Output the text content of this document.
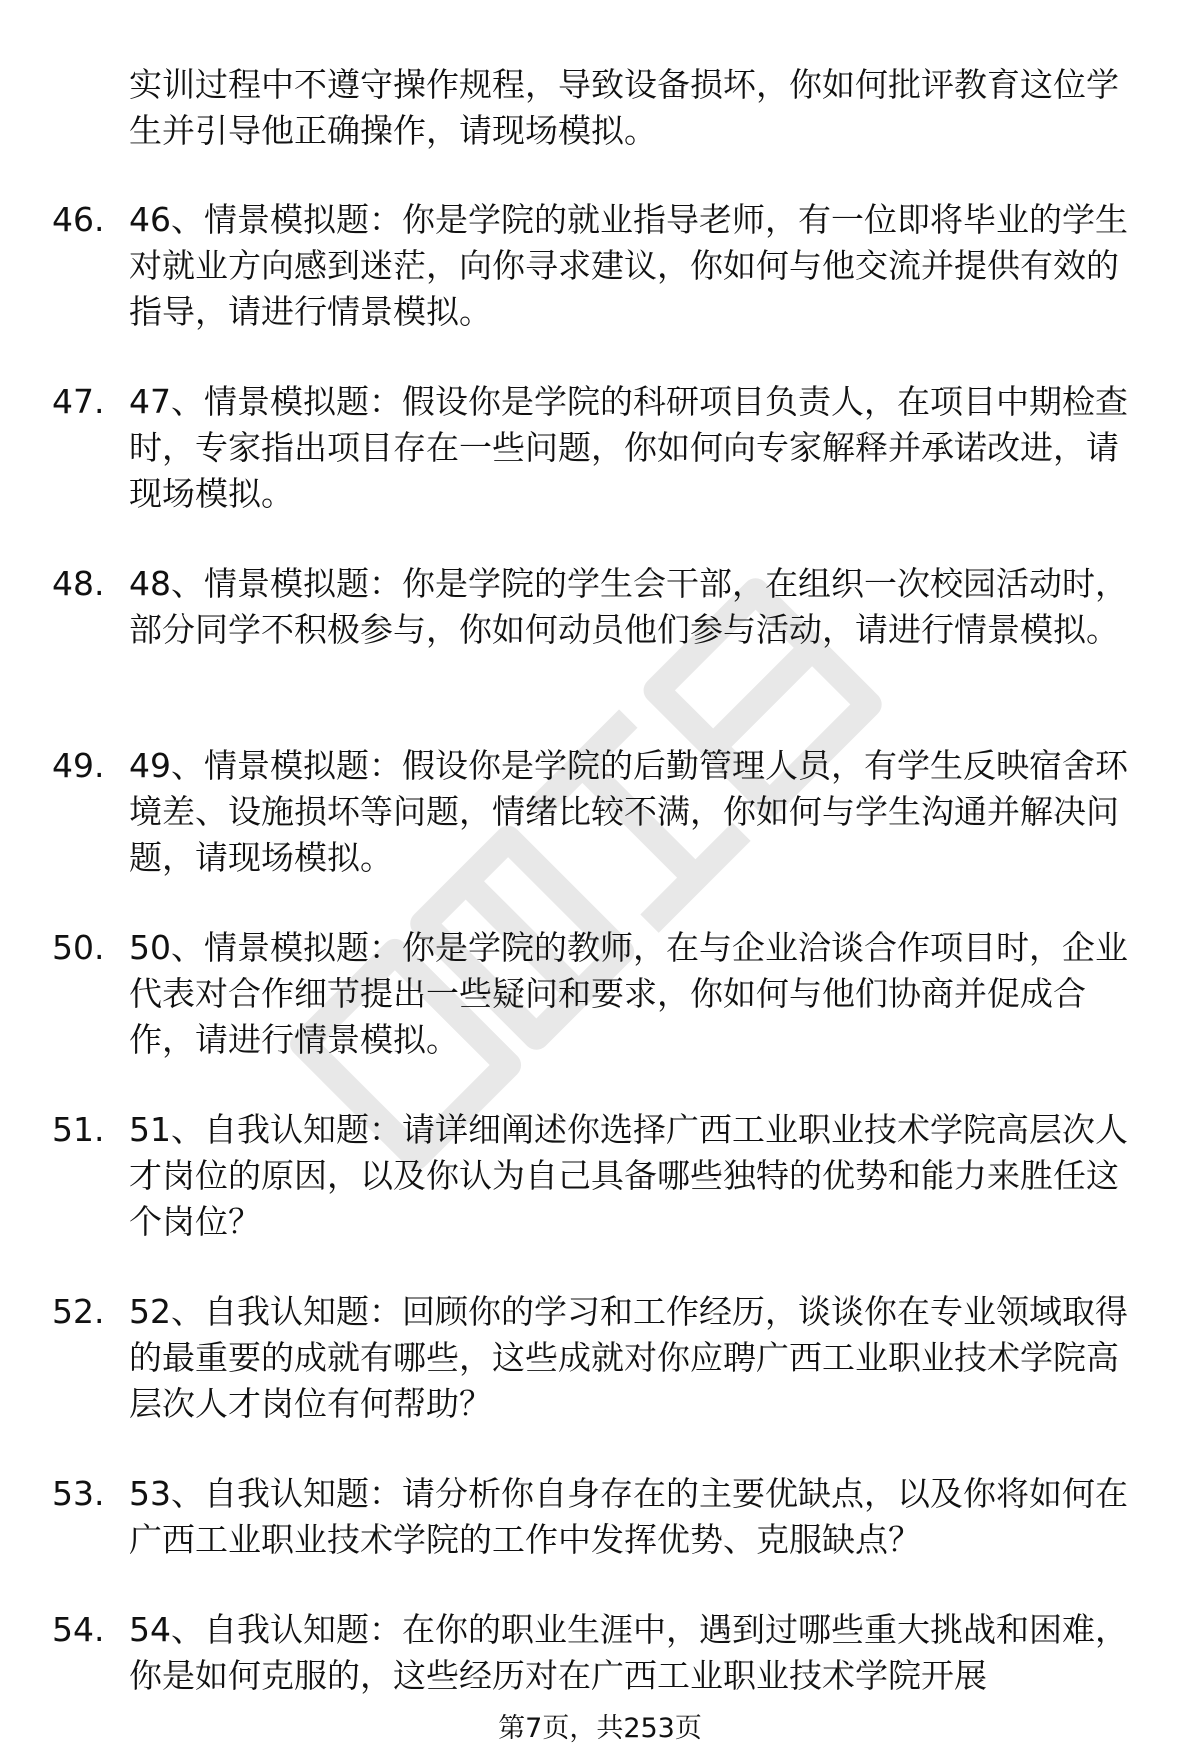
实训过程中不遵守操作规程，导致设备损坏，你如何批评教育这位学生并引导他正确操作，请现场模拟。

46. 46、情景模拟题：你是学院的就业指导老师，有一位即将毕业的学生对就业方向感到迷茫，向你寻求建议，你如何与他交流并提供有效的指导，请进行情景模拟。
47. 47、情景模拟题：假设你是学院的科研项目负责人，在项目中期检查时，专家指出项目存在一些问题，你如何向专家解释并承诺改进，请现场模拟。
48. 48、情景模拟题：你是学院的学生会干部，在组织一次校园活动时，部分同学不积极参与，你如何动员他们参与活动，请进行情景模拟。
49. 49、情景模拟题：假设你是学院的后勤管理人员，有学生反映宿舍环境差、设施损坏等问题，情绪比较不满，你如何与学生沟通并解决问题，请现场模拟。
50. 50、情景模拟题：你是学院的教师，在与企业洽谈合作项目时，企业代表对合作细节提出一些疑问和要求，你如何与他们协商并促成合作，请进行情景模拟。
51. 51、自我认知题：请详细阐述你选择广西工业职业技术学院高层次人才岗位的原因，以及你认为自己具备哪些独特的优势和能力来胜任这个岗位？
52. 52、自我认知题：回顾你的学习和工作经历，谈谈你在专业领域取得的最重要的成就有哪些，这些成就对你应聘广西工业职业技术学院高层次人才岗位有何帮助？
53. 53、自我认知题：请分析你自身存在的主要优缺点，以及你将如何在广西工业职业技术学院的工作中发挥优势、克服缺点？
54. 54、自我认知题：在你的职业生涯中，遇到过哪些重大挑战和困难，你是如何克服的，这些经历对在广西工业职业技术学院开展
第7页，共253页
